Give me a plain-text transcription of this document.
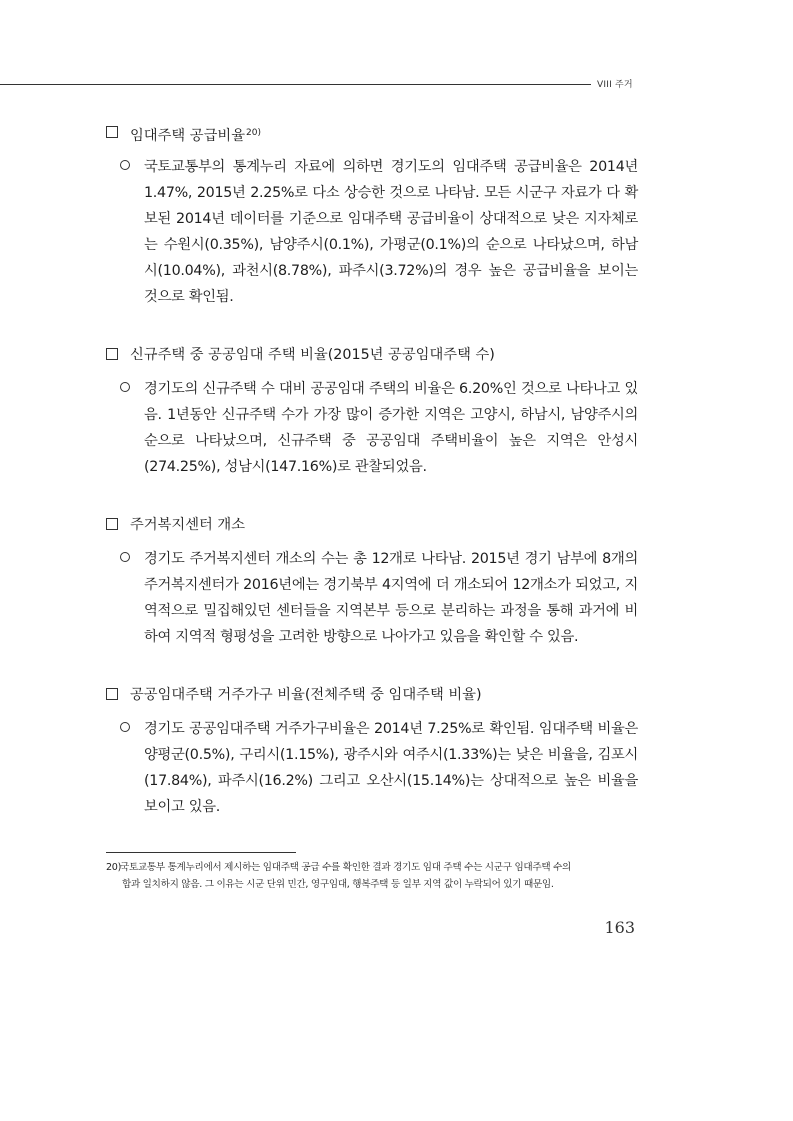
VIII 주거
임대주택 공급비율$^{20)}$
국토교통부의 통계누리 자료에 의하면 경기도의 임대주택 공급비율은 2014년 1.47%, 2015년 2.25%로 다소 상승한 것으로 나타남. 모든 시군구 자료가 다 확보된 2014년 데이터를 기준으로 임대주택 공급비율이 상대적으로 낮은 지자체로는 수원시(0.35%), 남양주시(0.1%), 가평군(0.1%)의 순으로 나타났으며, 하남시(10.04%), 과천시(8.78%), 파주시(3.72%)의 경우 높은 공급비율을 보이는 것으로 확인됨.
신규주택 중 공공임대 주택 비율(2015년 공공임대주택 수)
경기도의 신규주택 수 대비 공공임대 주택의 비율은 6.20%인 것으로 나타나고 있음. 1년동안 신규주택 수가 가장 많이 증가한 지역은 고양시, 하남시, 남양주시의 순으로 나타났으며, 신규주택 중 공공임대 주택비율이 높은 지역은 안성시(274.25%), 성남시(147.16%)로 관찰되었음.
주거복지센터 개소
경기도 주거복지센터 개소의 수는 총 12개로 나타남. 2015년 경기 남부에 8개의 주거복지센터가 2016년에는 경기북부 4지역에 더 개소되어 12개소가 되었고, 지역적으로 밀집해있던 센터들을 지역본부 등으로 분리하는 과정을 통해 과거에 비하여 지역적 형평성을 고려한 방향으로 나아가고 있음을 확인할 수 있음.
공공임대주택 거주가구 비율(전체주택 중 임대주택 비율)
경기도 공공임대주택 거주가구비율은 2014년 7.25%로 확인됨. 임대주택 비율은 양평군(0.5%), 구리시(1.15%), 광주시와 여주시(1.33%)는 낮은 비율을, 김포시(17.84%), 파주시(16.2%) 그리고 오산시(15.14%)는 상대적으로 높은 비율을 보이고 있음.
20)국토교통부 통계누리에서 제시하는 임대주택 공급 수를 확인한 결과 경기도 임대 주택 수는 시군구 임대주택 수의
합과 일치하지 않음. 그 이유는 시군 단위 민간, 영구임대, 행복주택 등 일부 지역 값이 누락되어 있기 때문임.
163
